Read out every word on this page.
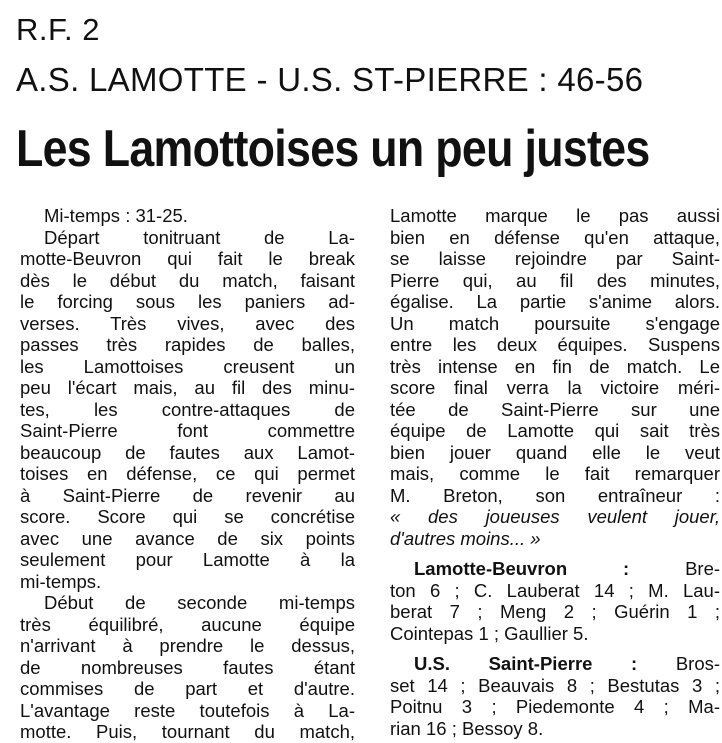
R.F. 2
A.S. LAMOTTE - U.S. ST-PIERRE : 46-56
Les Lamottoises un peu justes
Mi-temps : 31-25.
Départ tonitruant de La-
motte-Beuvron qui fait le break
dès le début du match, faisant
le forcing sous les paniers ad-
verses. Très vives, avec des
passes très rapides de balles,
les Lamottoises creusent un
peu l'écart mais, au fil des minu-
tes, les contre-attaques de
Saint-Pierre font commettre
beaucoup de fautes aux Lamot-
toises en défense, ce qui permet
à Saint-Pierre de revenir au
score. Score qui se concrétise
avec une avance de six points
seulement pour Lamotte à la
mi-temps.
Début de seconde mi-temps
très équilibré, aucune équipe
n'arrivant à prendre le dessus,
de nombreuses fautes étant
commises de part et d'autre.
L'avantage reste toutefois à La-
motte. Puis, tournant du match,
Lamotte marque le pas aussi
bien en défense qu'en attaque,
se laisse rejoindre par Saint-
Pierre qui, au fil des minutes,
égalise. La partie s'anime alors.
Un match poursuite s'engage
entre les deux équipes. Suspens
très intense en fin de match. Le
score final verra la victoire méri-
tée de Saint-Pierre sur une
équipe de Lamotte qui sait très
bien jouer quand elle le veut
mais, comme le fait remarquer
M. Breton, son entraîneur :
« des joueuses veulent jouer,
d'autres moins... »
Lamotte-Beuvron :	Bre-
ton 6 ; C. Lauberat 14 ; M. Lau-
berat 7 ; Meng 2 ; Guérin 1 ;
Cointepas 1 ; Gaullier 5.
U.S. Saint-Pierre : Bros-
set 14 ; Beauvais 8 ; Bestutas 3 ;
Poitnu 3 ; Piedemonte 4 ; Ma-
rian 16 ; Bessoy 8.
